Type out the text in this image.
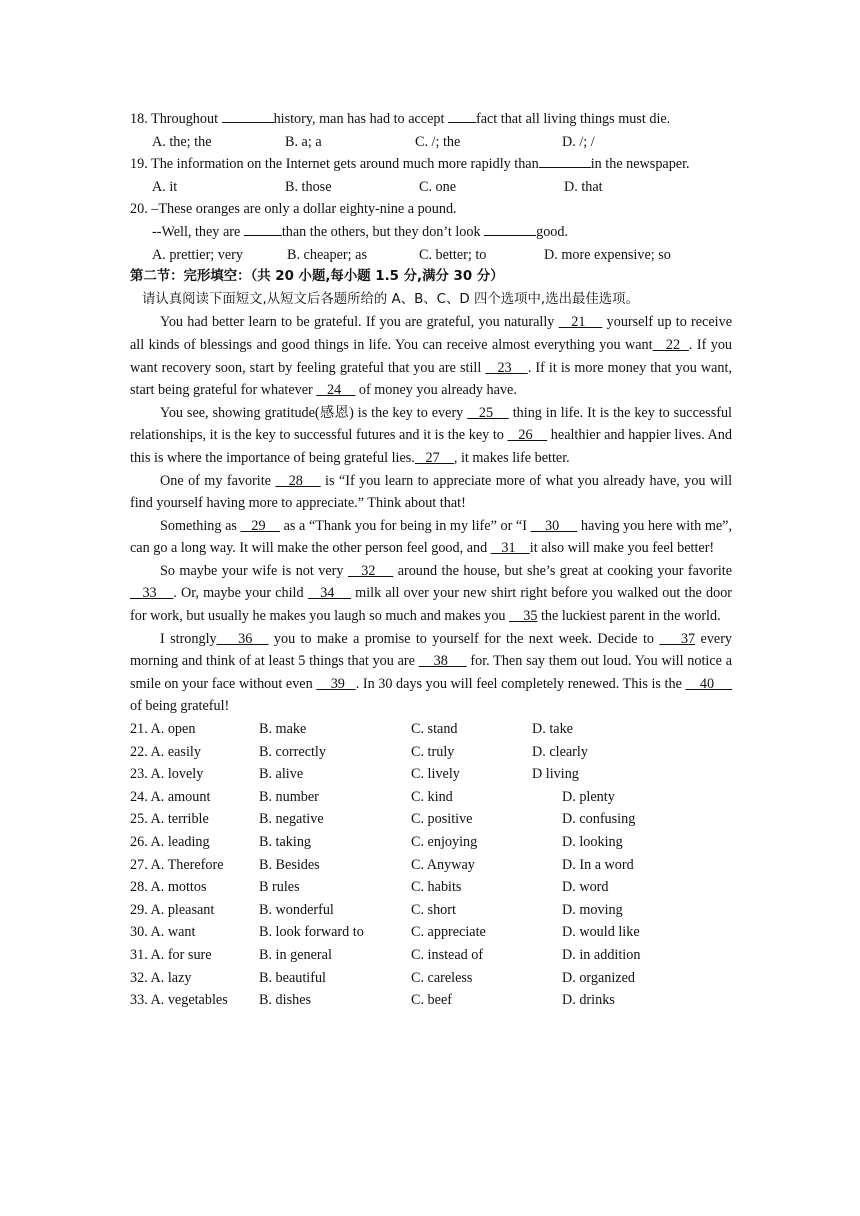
18. Throughout	history, man has had to accept fact that all living things must die.
A. the; the	B. a; a	C. /; the	D. /; /
19. The information on the Internet gets around much more rapidly than	in the newspaper.
A. it	B. those	C. one	D. that
20. –These oranges are only a dollar eighty-nine a pound.
--Well, they are	than the others, but they don’t look	good.
A. prettier; very	B. cheaper; as	C. better; to	D. more expensive; so
第二节：完形填空：（共 20 小题,每小题 1.5 分,满分 30 分）
请认真阅读下面短文,从短文后各题所给的 A、B、C、D 四个选项中,选出最佳选项。

You had better learn to be grateful. If you are grateful, you naturally    21     yourself up to receive all kinds of blessings and good things in life. You can receive almost everything you want   22  . If you want recovery soon, start by feeling grateful that you are still    23    . If it is more money that you want, start being grateful for whatever    24     of money you already have.

You see, showing gratitude(感恩) is the key to every    25     thing in life. It is the key to successful relationships, it is the key to successful futures and it is the key to    26     healthier and happier lives. And this is where the importance of being grateful lies.   27    , it makes life better.

One of my favorite    28     is “If you learn to appreciate more of what you already have, you will find yourself having more to appreciate.” Think about that!

Something as    29     as a “Thank you for being in my life” or “I     30      having you here with me”, can go a long way. It will make the other person feel good, and    31    it also will make you feel better!

So maybe your wife is not very    32     around the house, but she’s great at cooking your favorite    33    . Or, maybe your child    34     milk all over your new shirt right before you walked out the door for work, but usually he makes you laugh so much and makes you     35 the luckiest parent in the world.

I strongly    36    you to make a promise to yourself for the next week. Decide to     37 every morning and think of at least 5 things that you are     38      for. Then say them out loud. You will notice a smile on your face without even     39   . In 30 days you will feel completely renewed. This is the     40      of being grateful!

21. A. open	B. make	C. stand	D. take
22. A. easily	B. correctly	C. truly	D. clearly
23. A. lovely	B. alive	C. lively	D living
24. A. amount	B. number	C. kind	D. plenty
25. A. terrible	B. negative	C. positive	D. confusing
26. A. leading	B. taking	C. enjoying	D. looking
27. A. Therefore	B. Besides	C. Anyway	D. In a word
28. A. mottos	B rules	C. habits	D. word
29. A. pleasant	B. wonderful	C. short	D. moving
30. A. want	B. look forward to	C. appreciate	D. would like
31. A. for sure	B. in general	C. instead of	D. in addition
32. A. lazy	B. beautiful	C. careless	D. organized
33. A. vegetables B. dishes	C. beef	D. drinks
